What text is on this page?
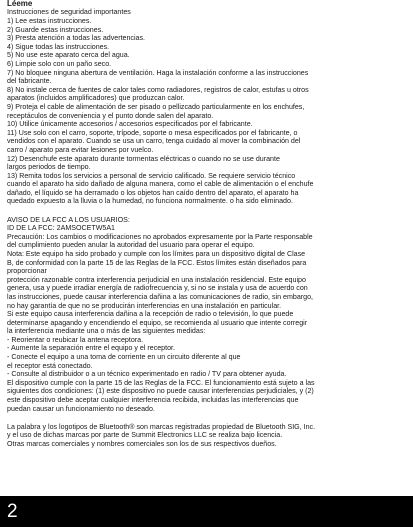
Léeme
Instrucciones de seguridad importantes
1) Lee estas instrucciones.
2) Guarde estas instrucciones.
3) Presta atención a todas las advertencias.
4) Sigue todas las instrucciones.
5) No use este aparato cerca del agua.
6) Limpie solo con un paño seco.
7) No bloquee ninguna abertura de ventilación. Haga la instalación conforme a las instrucciones
del fabricante.
8) No instale cerca de fuentes de calor tales como radiadores, registros de calor, estufas u otros
aparatos (incluidos amplificadores) que produzcan calor.
9) Proteja el cable de alimentación de ser pisado o pellizcado particularmente en los enchufes,
receptáculos de conveniencia y el punto donde salen del aparato.
10) Utilice únicamente accesorios / accesorios especificados por el fabricante.
11) Use solo con el carro, soporte, trípode, soporte o mesa especificados por el fabricante, o
vendidos con el aparato. Cuando se usa un carro, tenga cuidado al mover la combinación del
carro / aparato para evitar lesiones por vuelco.
12) Desenchufe este aparato durante tormentas eléctricas o cuando no se use durante
largos periodos de tiempo.
13) Remita todos los servicios a personal de servicio calificado. Se requiere servicio técnico
cuando el aparato ha sido dañado de alguna manera, como el cable de alimentación o el enchufe
dañado, el líquido se ha derramado o los objetos han caído dentro del aparato, el aparato ha
quedado expuesto a la lluvia o la humedad, no funciona normalmente. o ha sido eliminado.
AVISO DE LA FCC A LOS USUARIOS:
ID DE LA FCC: 2AMSOCETW5A1
Precaución: Los cambios o modificaciones no aprobados expresamente por la Parte responsable
del cumplimiento pueden anular la autoridad del usuario para operar el equipo.
Nota: Este equipo ha sido probado y cumple con los límites para un dispositivo digital de Clase
B, de conformidad con la parte 15 de las Reglas de la FCC. Estos límites están diseñados para
proporcionar
protección razonable contra interferencia perjudicial en una instalación residencial. Este equipo
genera, usa y puede irradiar energía de radiofrecuencia y, si no se instala y usa de acuerdo con
las instrucciones, puede causar interferencia dañina a las comunicaciones de radio, sin embargo,
no hay garantía de que no se producirán interferencias en una instalación en particular.
Si este equipo causa interferencia dañina a la recepción de radio o televisión, lo que puede
determinarse apagando y encendiendo el equipo, se recomienda al usuario que intente corregir
la interferencia mediante una o más de las siguientes medidas:
- Reorientar o reubicar la antena receptora.
- Aumente la separación entre el equipo y el receptor.
- Conecte el equipo a una toma de corriente en un circuito diferente al que
el receptor está conectado.
- Consulte al distribuidor o a un técnico experimentado en radio / TV para obtener ayuda.
El dispositivo cumple con la parte 15 de las Reglas de la FCC. El funcionamiento está sujeto a las
siguientes dos condiciones: (1) este dispositivo no puede causar interferencias perjudiciales, y (2)
este dispositivo debe aceptar cualquier interferencia recibida, incluidas las interferencias que
puedan causar un funcionamiento no deseado.
La palabra y los logotipos de Bluetooth® son marcas registradas propiedad de Bluetooth SIG, Inc.
y el uso de dichas marcas por parte de Summit Electronics LLC se realiza bajo licencia.
Otras marcas comerciales y nombres comerciales son los de sus respectivos dueños.
2
